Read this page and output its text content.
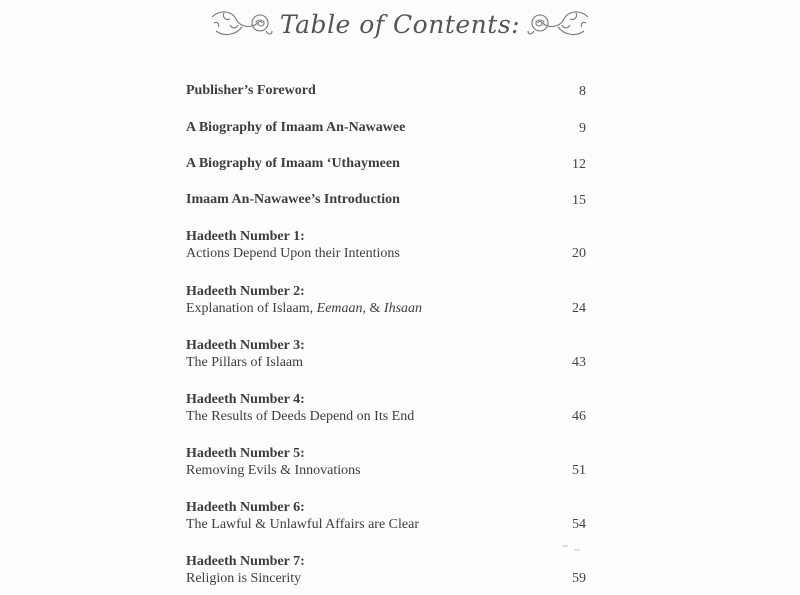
Table of Contents:
Publisher’s Foreword	8
A Biography of Imaam An-Nawawee	9
A Biography of Imaam ‘Uthaymeen	12
Imaam An-Nawawee’s Introduction	15
Hadeeth Number 1:
Actions Depend Upon their Intentions	20
Hadeeth Number 2:
Explanation of Islaam, Eemaan, & Ihsaan	24
Hadeeth Number 3:
The Pillars of Islaam	43
Hadeeth Number 4:
The Results of Deeds Depend on Its End	46
Hadeeth Number 5:
Removing Evils & Innovations	51
Hadeeth Number 6:
The Lawful & Unlawful Affairs are Clear	54
Hadeeth Number 7:
Religion is Sincerity	59
